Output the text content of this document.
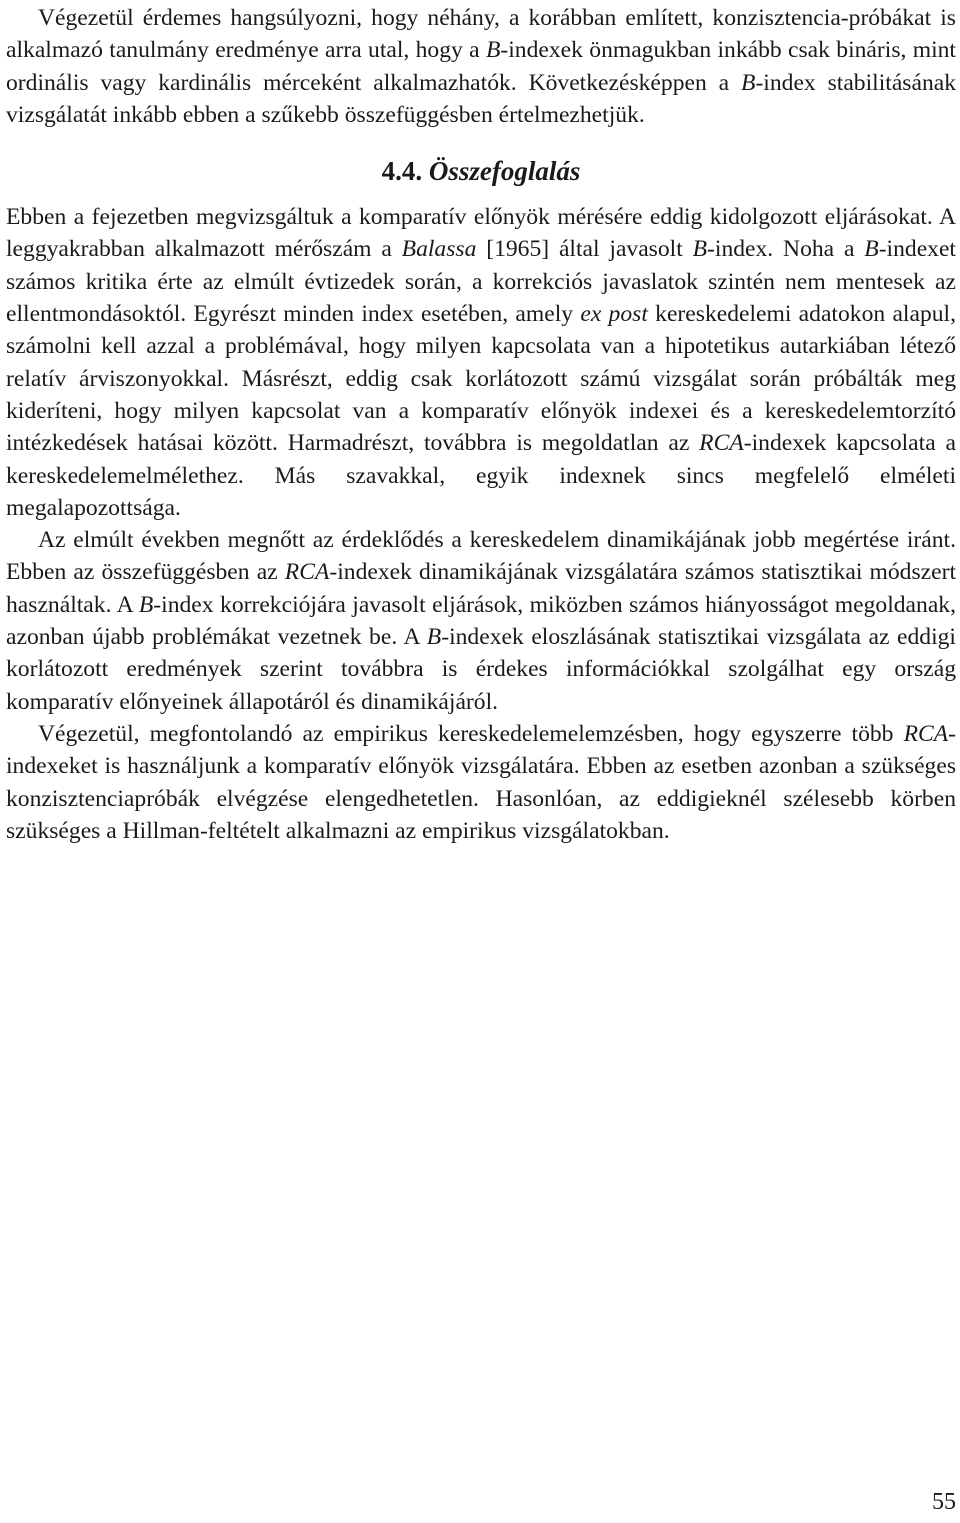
Végezetül érdemes hangsúlyozni, hogy néhány, a korábban említett, konzisztencia-próbákat is alkalmazó tanulmány eredménye arra utal, hogy a B-indexek önmagukban inkább csak bináris, mint ordinális vagy kardinális mérceként alkalmazhatók. Következésképpen a B-index stabilitásának vizsgálatát inkább ebben a szűkebb összefüggésben értelmezhetjük.

4.4. Összefoglalás

Ebben a fejezetben megvizsgáltuk a komparatív előnyök mérésére eddig kidolgozott eljárásokat. A leggyakrabban alkalmazott mérőszám a Balassa [1965] által javasolt B-index. Noha a B-indexet számos kritika érte az elmúlt évtizedek során, a korrekciós javaslatok szintén nem mentesek az ellentmondásoktól. Egyrészt minden index esetében, amely ex post kereskedelemi adatokon alapul, számolni kell azzal a problémával, hogy milyen kapcsolata van a hipotetikus autarkiában létező relatív árviszonyokkal. Másrészt, eddig csak korlátozott számú vizsgálat során próbálták meg kideríteni, hogy milyen kapcsolat van a komparatív előnyök indexei és a kereskedelemtorzító intézkedések hatásai között. Harmadrészt, továbbra is megoldatlan az RCA-indexek kapcsolata a kereskedelemelmélethez. Más szavakkal, egyik indexnek sincs megfelelő elméleti megalapozottsága.

Az elmúlt években megnőtt az érdeklődés a kereskedelem dinamikájának jobb megértése iránt. Ebben az összefüggésben az RCA-indexek dinamikájának vizsgálatára számos statisztikai módszert használtak. A B-index korrekciójára javasolt eljárások, miközben számos hiányosságot megoldanak, azonban újabb problémákat vezetnek be. A B-indexek eloszlásának statisztikai vizsgálata az eddigi korlátozott eredmények szerint továbbra is érdekes információkkal szolgálhat egy ország komparatív előnyeinek állapotáról és dinamikájáról.

Végezetül, megfontolandó az empirikus kereskedelemelemzésben, hogy egyszerre több RCA-indexeket is használjunk a komparatív előnyök vizsgálatára. Ebben az esetben azonban a szükséges konzisztenciapróbák elvégzése elengedhetetlen. Hasonlóan, az eddigieknél szélesebb körben szükséges a Hillman-feltételt alkalmazni az empirikus vizsgálatokban.

55
